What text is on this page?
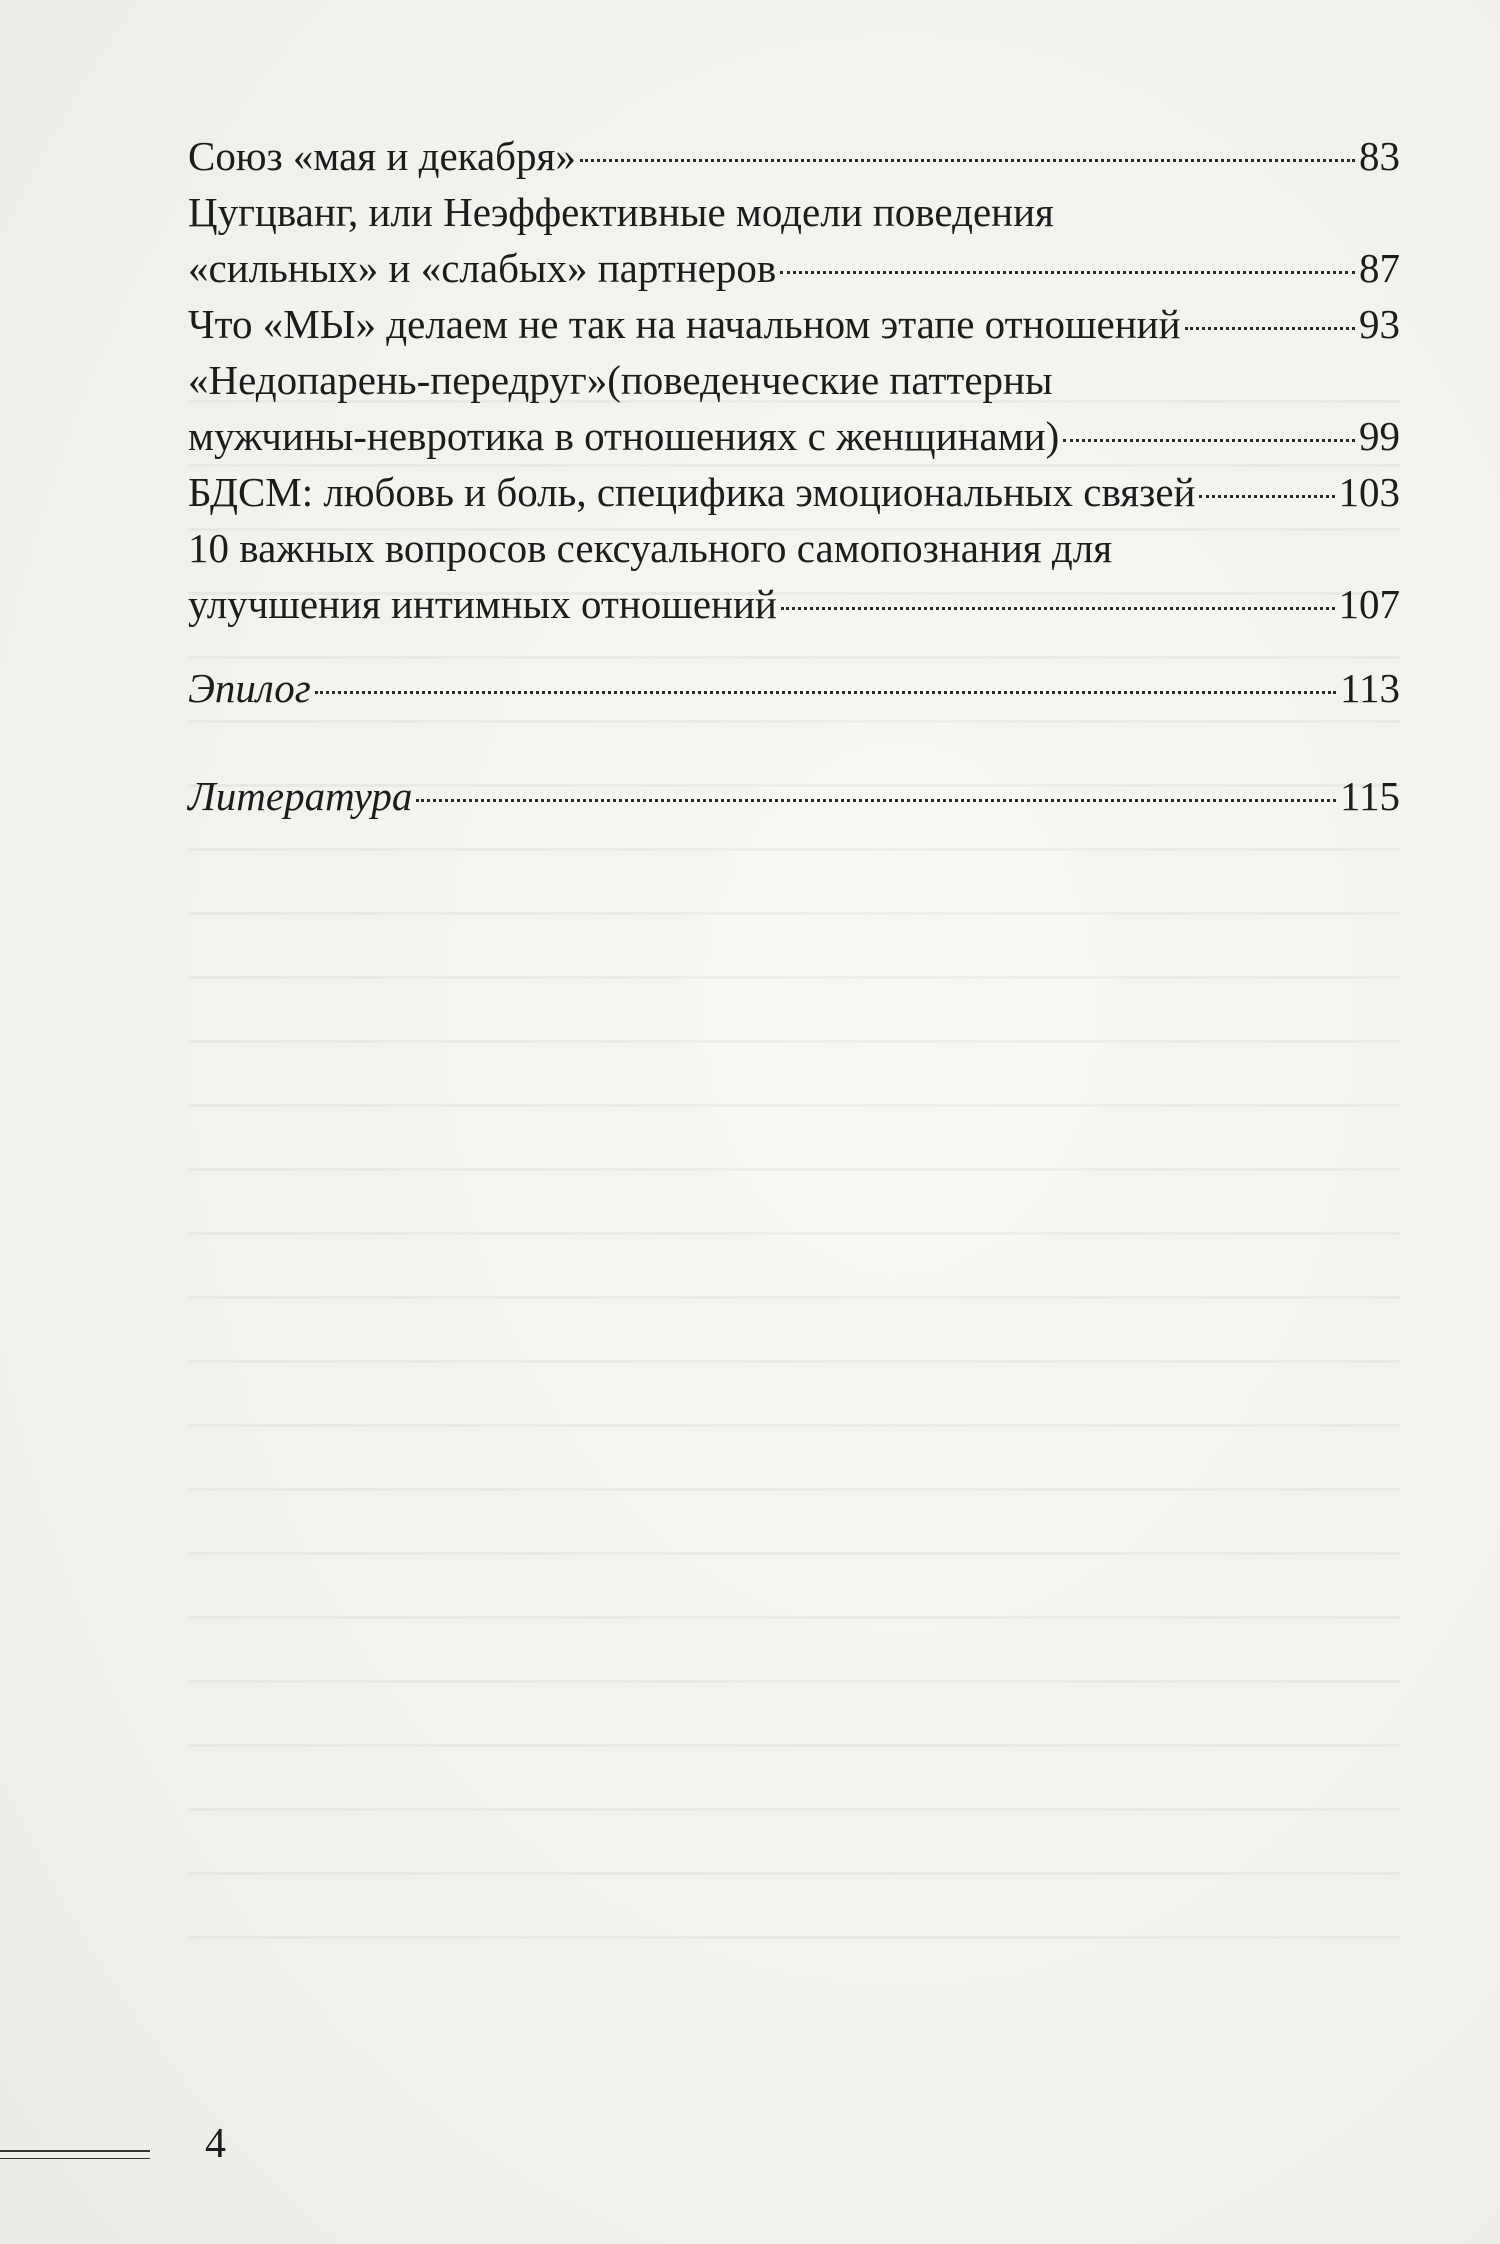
Союз «мая и декабря»	83
Цугцванг, или Неэффективные модели поведения
«сильных» и «слабых» партнеров	87
Что «МЫ» делаем не так на начальном этапе отношений	93
«Недопарень-передруг»(поведенческие паттерны
мужчины-невротика в отношениях с женщинами)	99
БДСМ: любовь и боль, специфика эмоциональных связей	103
10 важных вопросов сексуального самопознания для
улучшения интимных отношений	107
Эпилог	113
Литература	115
4
